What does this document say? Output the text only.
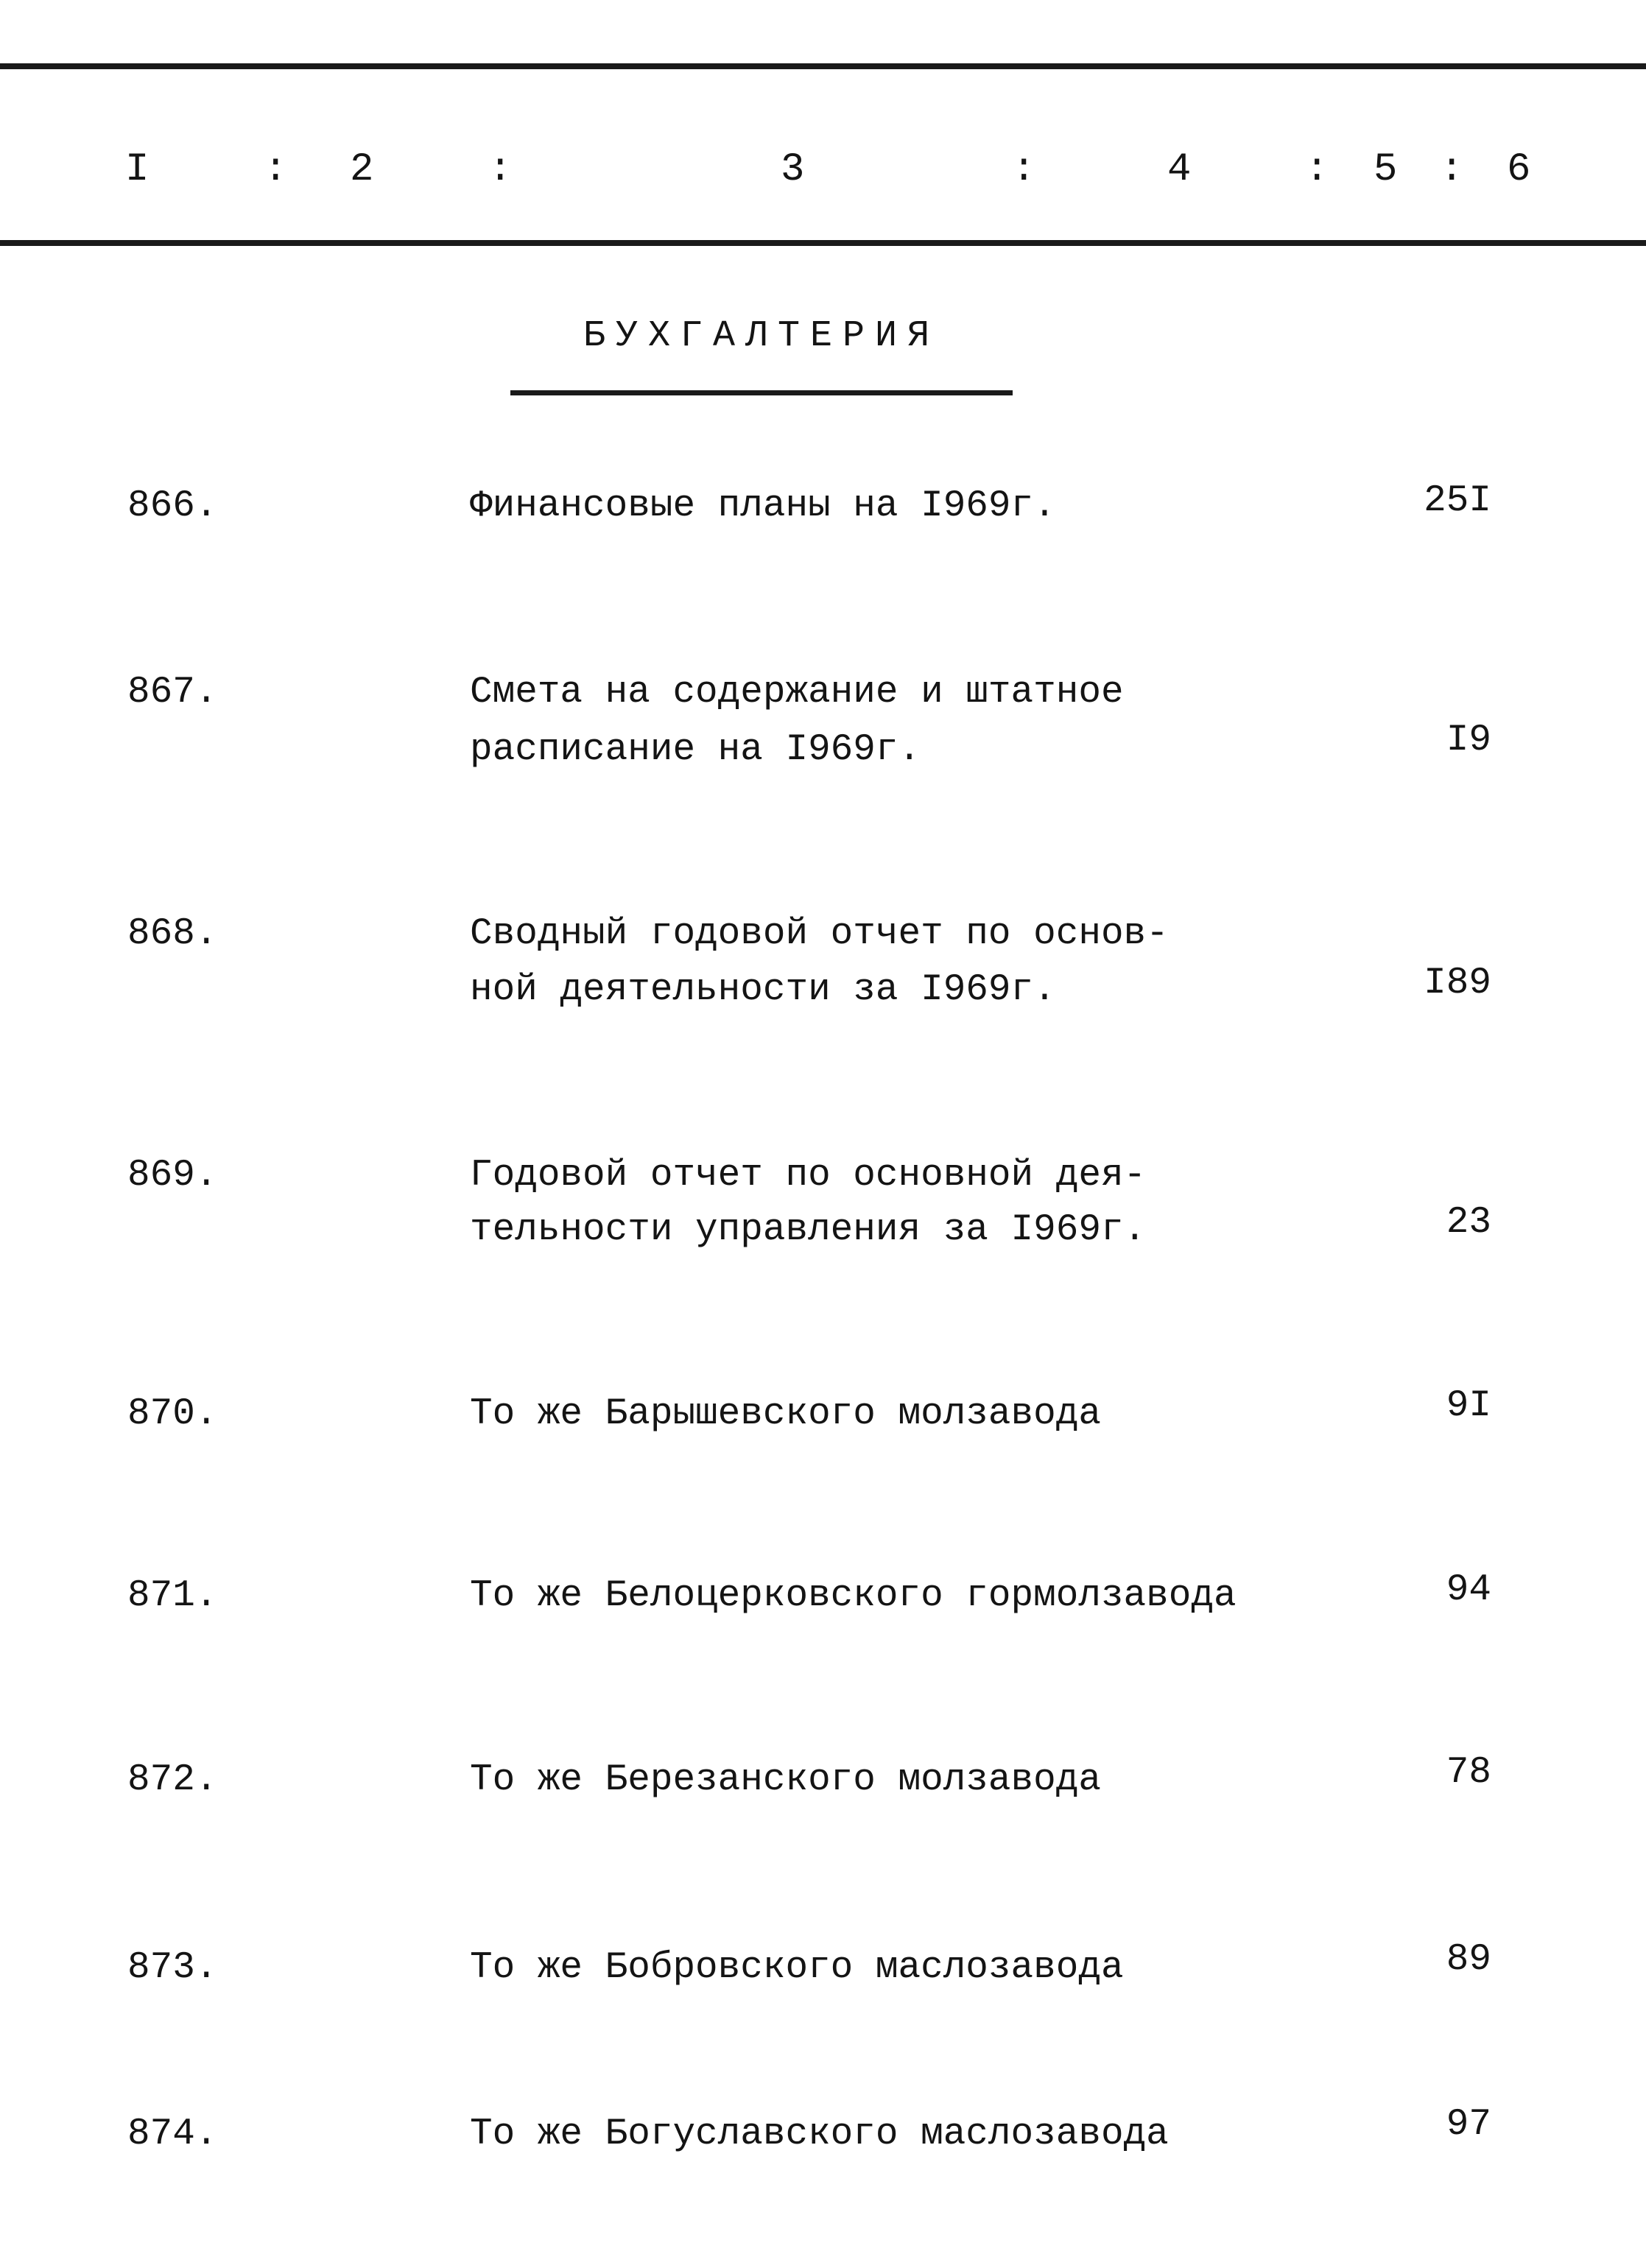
I	: 2	:	3	:	4	: 5 : 6
БУХГАЛТЕРИЯ
866.	Финансовые планы на I969г.	25I
867.	Смета на содержание и штатное
расписание на I969г.	I9
868.	Сводный годовой отчет по основ-
ной деятельности за I969г.	I89
869.	Годовой отчет по основной дея-
тельности управления за I969г.	23
870.	То же Барышевского молзавода	9I
871.	То же Белоцерковского гормолзавода	94
872.	То же Березанского молзавода	78
873.	То же Бобровского маслозавода	89
874.	То же Богуславского маслозавода	97
